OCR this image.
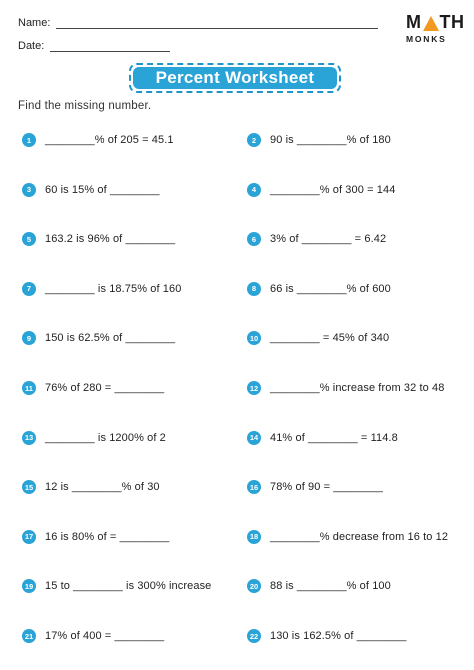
Name:
Date:
M TH
MONKS
Percent Worksheet
Find the missing number.
1	________% of 205 = 45.1	2	90 is ________% of 180
3	60 is 15% of ________	4	________% of 300 = 144
5	163.2 is 96% of ________	6	3% of ________ = 6.42
7	________ is 18.75% of 160	8	66 is ________% of 600
9	150 is 62.5% of ________	10 ________ = 45% of 340
11 76% of 280 = ________	12 ________% increase from 32 to 48
13 ________ is 1200% of 2	14 41% of ________ = 114.8
15 12 is ________% of 30	16 78% of 90 = ________
17 16 is 80% of = ________	18 ________% decrease from 16 to 12
19 15 to ________ is 300% increase	20 88 is ________% of 100
21 17% of 400 = ________	22 130 is 162.5% of ________
